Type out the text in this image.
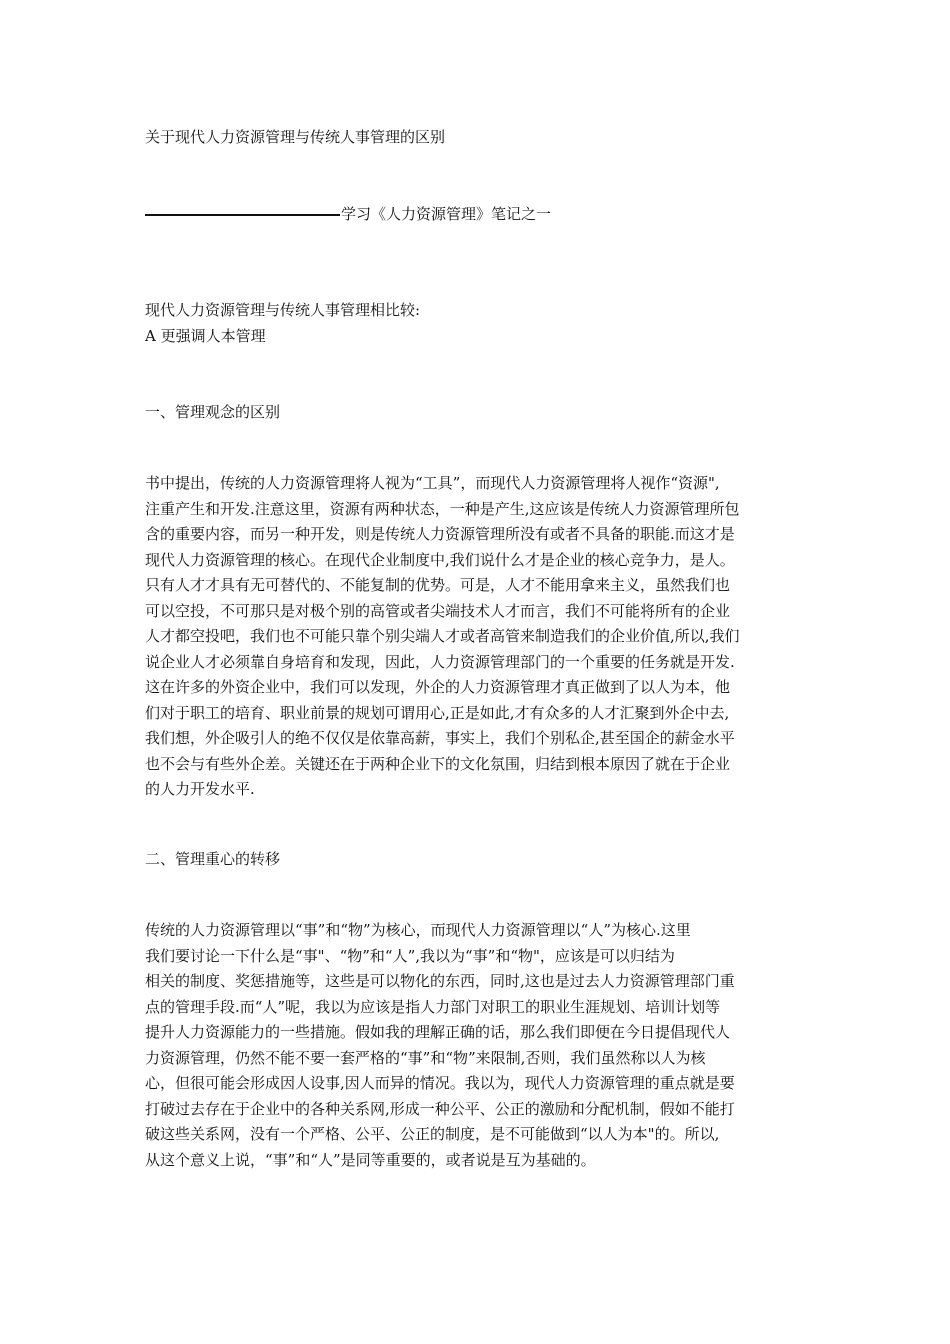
关于现代人力资源管理与传统人事管理的区别
学习《人力资源管理》笔记之一
现代人力资源管理与传统人事管理相比较:
A 更强调人本管理
一、管理观念的区别
书中提出，传统的人力资源管理将人视为“工具”，而现代人力资源管理将人视作“资源",
注重产生和开发.注意这里，资源有两种状态，一种是产生,这应该是传统人力资源管理所包
含的重要内容，而另一种开发，则是传统人力资源管理所没有或者不具备的职能.而这才是
现代人力资源管理的核心。在现代企业制度中,我们说什么才是企业的核心竞争力，是人。
只有人才才具有无可替代的、不能复制的优势。可是，人才不能用拿来主义，虽然我们也
可以空投，不可那只是对极个别的高管或者尖端技术人才而言，我们不可能将所有的企业
人才都空投吧，我们也不可能只靠个别尖端人才或者高管来制造我们的企业价值,所以,我们
说企业人才必须靠自身培育和发现，因此，人力资源管理部门的一个重要的任务就是开发.
这在许多的外资企业中，我们可以发现，外企的人力资源管理才真正做到了以人为本，他
们对于职工的培育、职业前景的规划可谓用心,正是如此,才有众多的人才汇聚到外企中去,
我们想，外企吸引人的绝不仅仅是依靠高薪，事实上，我们个别私企,甚至国企的薪金水平
也不会与有些外企差。关键还在于两种企业下的文化氛围，归结到根本原因了就在于企业
的人力开发水平.
二、管理重心的转移
传统的人力资源管理以“事”和“物”为核心，而现代人力资源管理以“人”为核心.这里
我们要讨论一下什么是“事"、“物”和“人”,我以为“事”和“物"，应该是可以归结为
相关的制度、奖惩措施等，这些是可以物化的东西，同时,这也是过去人力资源管理部门重
点的管理手段.而“人”呢，我以为应该是指人力部门对职工的职业生涯规划、培训计划等
提升人力资源能力的一些措施。假如我的理解正确的话，那么我们即便在今日提倡现代人
力资源管理，仍然不能不要一套严格的“事”和“物”来限制,否则，我们虽然称以人为核
心，但很可能会形成因人设事,因人而异的情况。我以为，现代人力资源管理的重点就是要
打破过去存在于企业中的各种关系网,形成一种公平、公正的激励和分配机制，假如不能打
破这些关系网，没有一个严格、公平、公正的制度，是不可能做到“以人为本"的。所以,
从这个意义上说，“事”和“人”是同等重要的，或者说是互为基础的。
